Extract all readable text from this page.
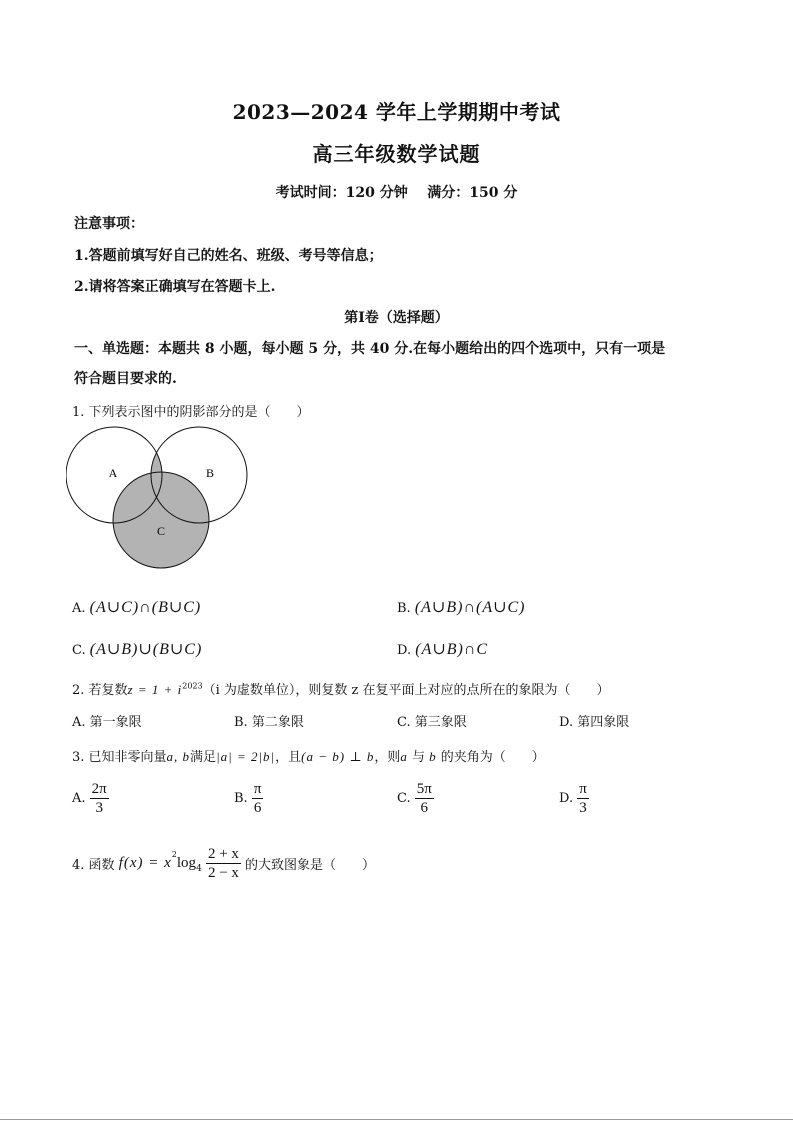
2023—2024 学年上学期期中考试
高三年级数学试题
考试时间：120 分钟    满分：150 分
注意事项：
1.答题前填写好自己的姓名、班级、考号等信息；
2.请将答案正确填写在答题卡上.
第Ⅰ卷（选择题）
一、单选题：本题共 8 小题，每小题 5 分，共 40 分.在每小题给出的四个选项中，只有一项是
符合题目要求的.
1. 下列表示图中的阴影部分的是（　　）
A	B
C
A. (A∪C)∩(B∪C)	B. (A∪B)∩(A∪C)
C. (A∪B)∪(B∪C)	D. (A∪B)∩C
2. 若复数$z = 1 + i^{2023}(i$ 为虚数单位），则复数 z 在复平面上对应的点所在的象限为（　　）
A. 第一象限	B. 第二象限	C. 第三象限	D. 第四象限
3. 已知非零向量a, b满足|a| = 2|b|，且(a − b) ⊥ b，则a 与 b 的夹角为（　　）
A. $\frac{2\pi}{3}$	B. $\frac{\pi}{6}$	C. $\frac{5\pi}{6}$	D. $\frac{\pi}{3}$
4. 函数 $f(x) = x^2\log_4 \frac{2 + x}{2 - x}$ 的大致图象是（　　）
